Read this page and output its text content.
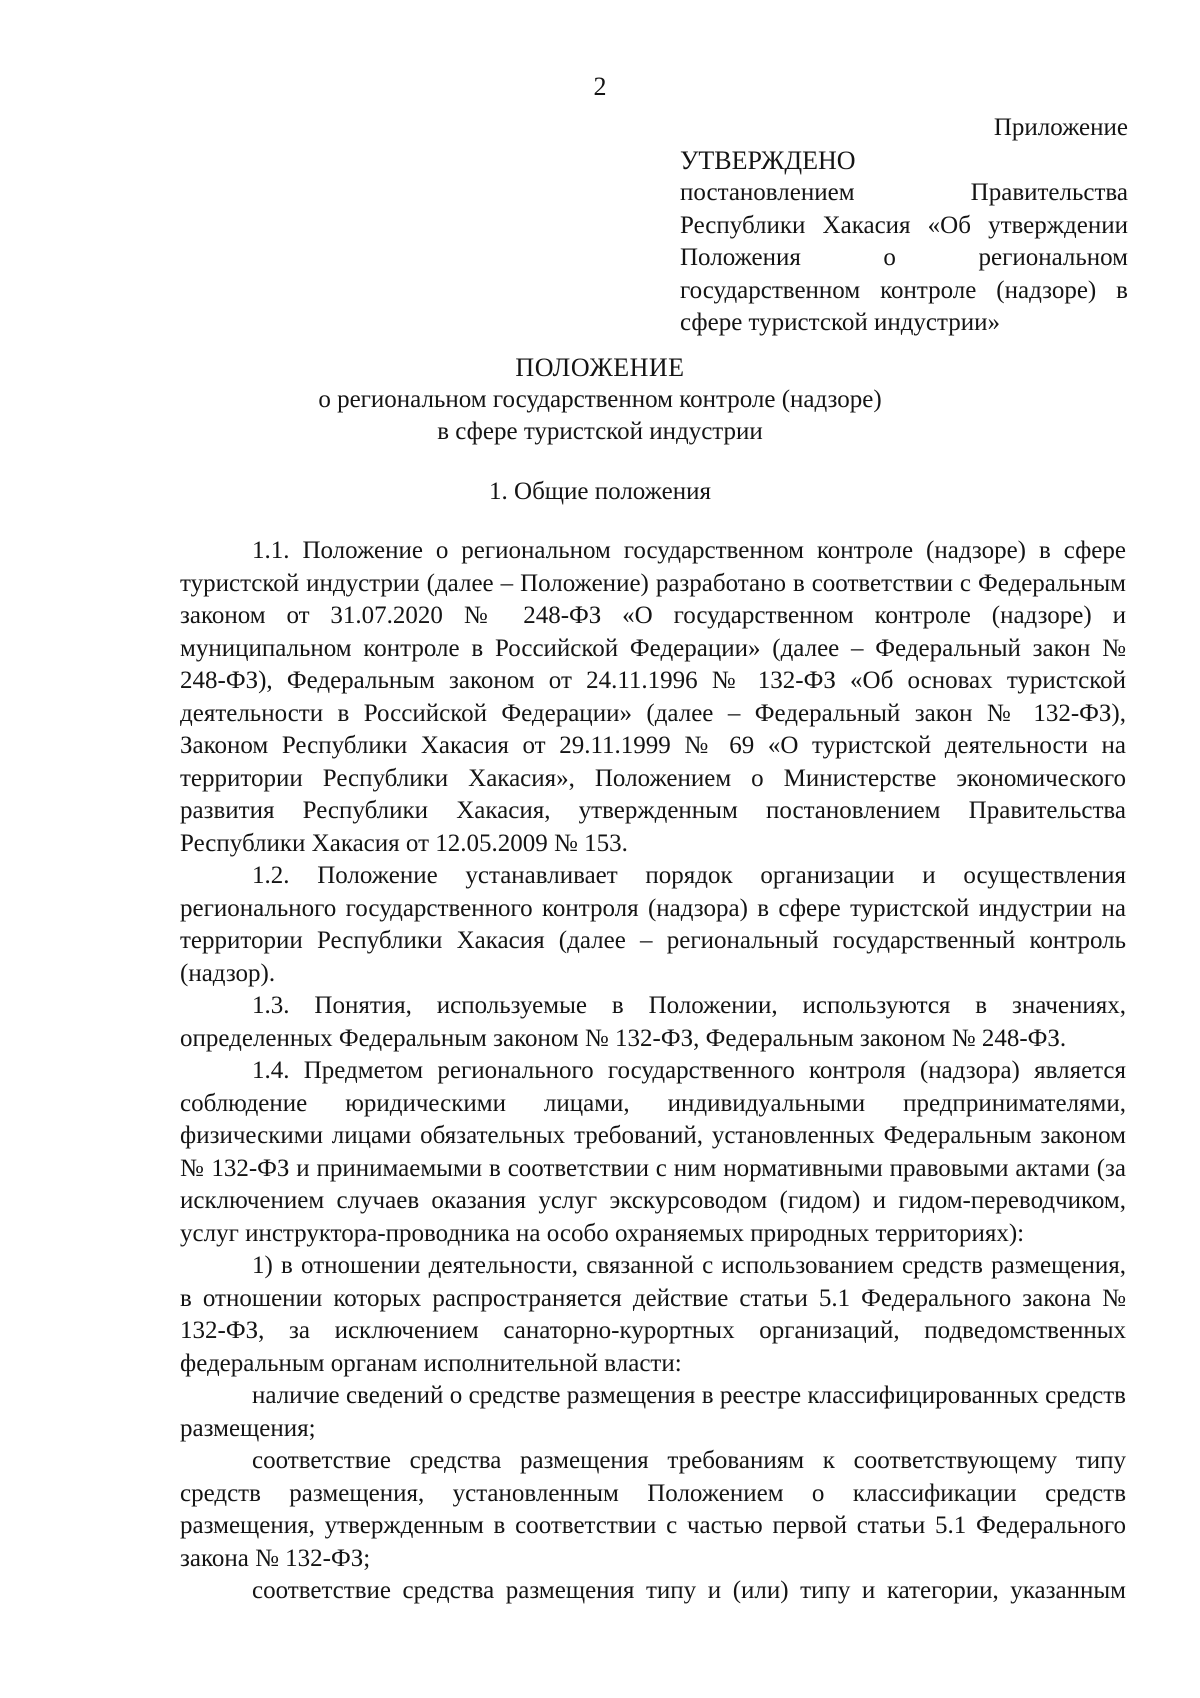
2
Приложение
УТВЕРЖДЕНО
постановлением Правительства Республики Хакасия «Об утверждении Положения о региональном государственном контроле (надзоре) в сфере туристской индустрии»
ПОЛОЖЕНИЕ
о региональном государственном контроле (надзоре)
в сфере туристской индустрии
1. Общие положения

1.1. Положение о региональном государственном контроле (надзоре) в сфере туристской индустрии (далее – Положение) разработано в соответствии с Федеральным законом от 31.07.2020 № 248-ФЗ «О государственном контроле (надзоре) и муниципальном контроле в Российской Федерации» (далее – Федеральный закон № 248-ФЗ), Федеральным законом от 24.11.1996 № 132-ФЗ «Об основах туристской деятельности в Российской Федерации» (далее – Федеральный закон № 132-ФЗ), Законом Республики Хакасия от 29.11.1999 № 69 «О туристской деятельности на территории Республики Хакасия», Положением о Министерстве экономического развития Республики Хакасия, утвержденным постановлением Правительства Республики Хакасия от 12.05.2009 № 153.

1.2. Положение устанавливает порядок организации и осуществления регионального государственного контроля (надзора) в сфере туристской индустрии на территории Республики Хакасия (далее – региональный государственный контроль (надзор).

1.3. Понятия, используемые в Положении, используются в значениях, определенных Федеральным законом № 132-ФЗ, Федеральным законом № 248-ФЗ.

1.4. Предметом регионального государственного контроля (надзора) является соблюдение юридическими лицами, индивидуальными предпринимателями, физическими лицами обязательных требований, установленных Федеральным законом № 132-ФЗ и принимаемыми в соответствии с ним нормативными правовыми актами (за исключением случаев оказания услуг экскурсоводом (гидом) и гидом-переводчиком, услуг инструктора-проводника на особо охраняемых природных территориях):

1) в отношении деятельности, связанной с использованием средств размещения, в отношении которых распространяется действие статьи 5.1 Федерального закона № 132-ФЗ, за исключением санаторно-курортных организаций, подведомственных федеральным органам исполнительной власти:

наличие сведений о средстве размещения в реестре классифицированных средств размещения;

соответствие средства размещения требованиям к соответствующему типу средств размещения, установленным Положением о классификации средств размещения, утвержденным в соответствии с частью первой статьи 5.1 Федерального закона № 132-ФЗ;

соответствие средства размещения типу и (или) типу и категории, указанным
